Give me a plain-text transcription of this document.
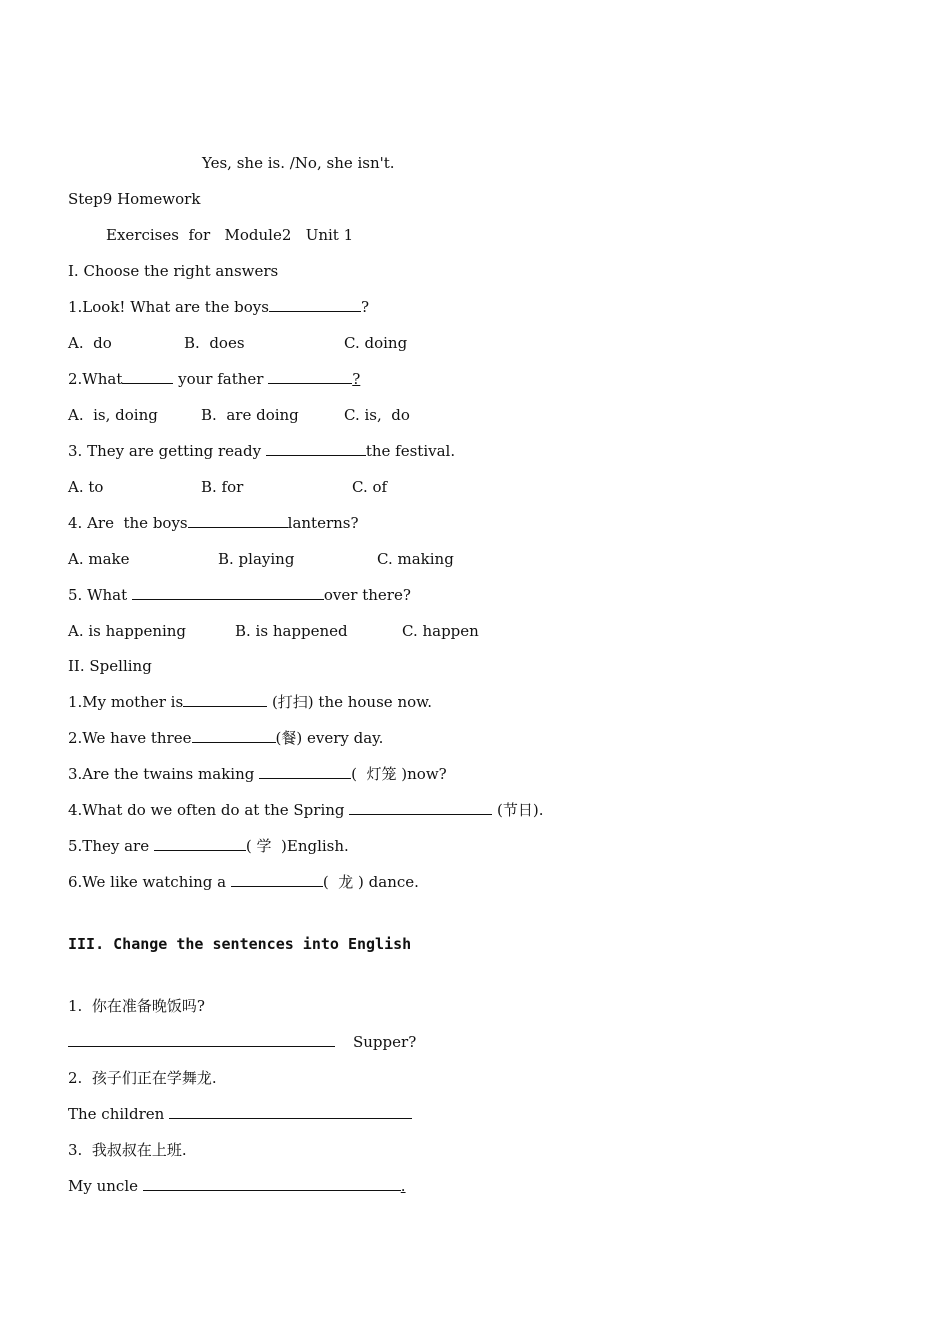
Yes, she is. /No, she isn't.
Step9 Homework
Exercises  for   Module2   Unit 1
I. Choose the right answers
1.Look! What are the boys	?
A.  do	B.  does	C. doing
2.What	your father	?
A.  is, doing	B.  are doing	C. is,  do
3. They are getting ready	the festival.
A. to	B. for	C. of
4. Are  the boys	lanterns?
A. make	B. playing	C. making
5. What	over there?
A. is happening	B. is happened	C. happen
II. Spelling
1.My mother is	(打扫) the house now.
2.We have three	(餐) every day.
3.Are the twains making	(  灯笼 )now?
4.What do we often do at the Spring	(节日).
5.They are	( 学  )English.
6.We like watching a	(  龙 ) dance.
III. Change the sentences into English
1.  你在准备晚饭吗?
Supper?
2.  孩子们正在学舞龙.
The children
3.  我叔叔在上班.
My uncle	.
